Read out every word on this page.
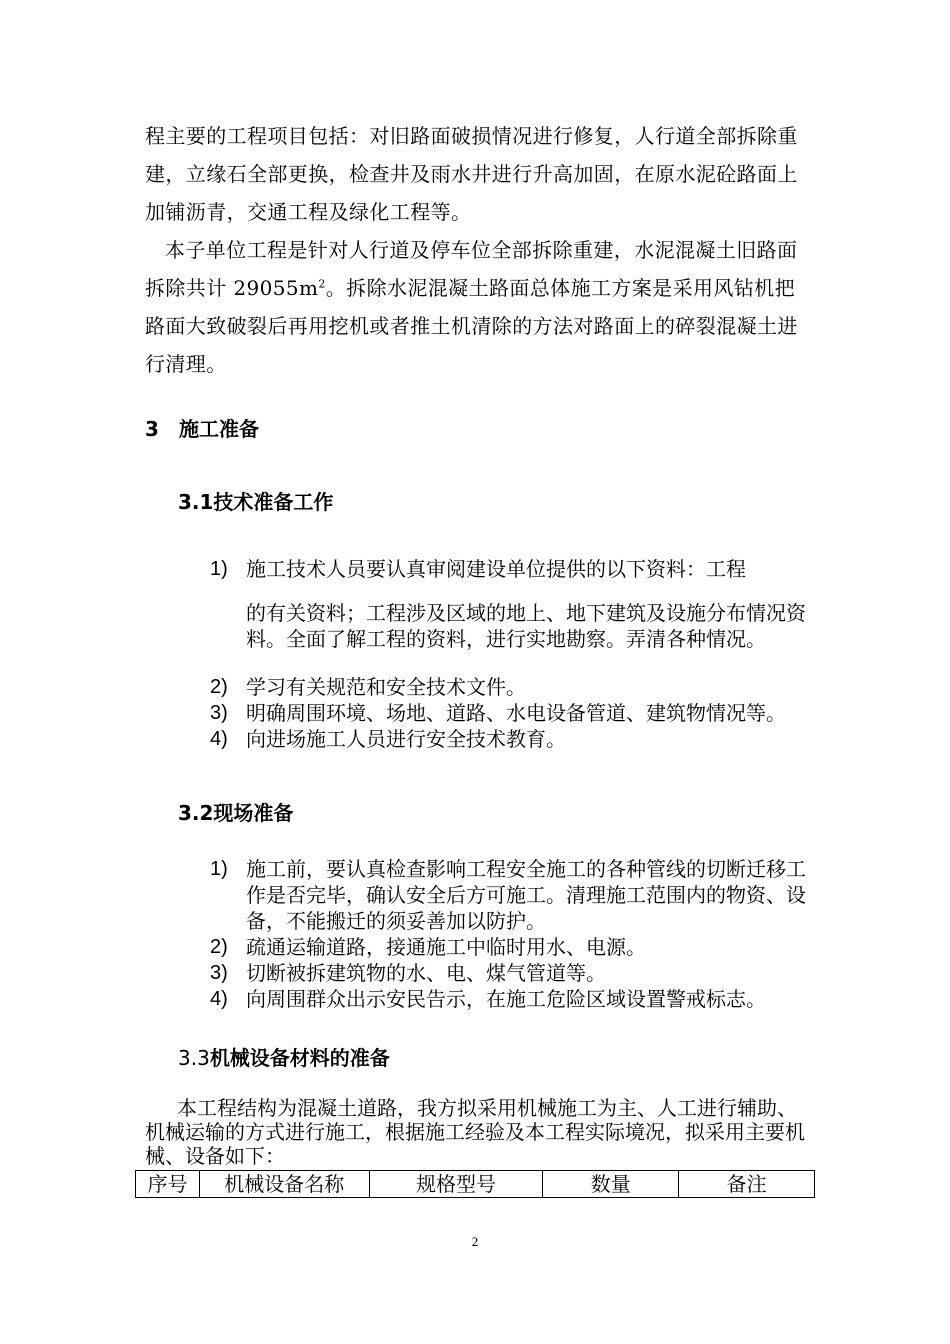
程主要的工程项目包括：对旧路面破损情况进行修复，人行道全部拆除重建，立缘石全部更换，检查井及雨水井进行升高加固，在原水泥砼路面上加铺沥青，交通工程及绿化工程等。

本子单位工程是针对人行道及停车位全部拆除重建，水泥混凝土旧路面拆除共计 $29055m^2$。拆除水泥混凝土路面总体施工方案是采用风钻机把路面大致破裂后再用挖机或者推土机清除的方法对路面上的碎裂混凝土进行清理。

3 施工准备
3.1技术准备工作
1) 施工技术人员要认真审阅建设单位提供的以下资料：工程
的有关资料；工程涉及区域的地上、地下建筑及设施分布情况资料。全面了解工程的资料，进行实地勘察。弄清各种情况。
2) 学习有关规范和安全技术文件。
3) 明确周围环境、场地、道路、水电设备管道、建筑物情况等。
4) 向进场施工人员进行安全技术教育。
3.2现场准备
1) 施工前，要认真检查影响工程安全施工的各种管线的切断迁移工作是否完毕，确认安全后方可施工。清理施工范围内的物资、设备，不能搬迁的须妥善加以防护。
2) 疏通运输道路，接通施工中临时用水、电源。
3) 切断被拆建筑物的水、电、煤气管道等。
4) 向周围群众出示安民告示，在施工危险区域设置警戒标志。
3.3机械设备材料的准备

本工程结构为混凝土道路，我方拟采用机械施工为主、人工进行辅助、机械运输的方式进行施工，根据施工经验及本工程实际境况，拟采用主要机械、设备如下：

序号	机械设备名称	规格型号	数量	备注
2
